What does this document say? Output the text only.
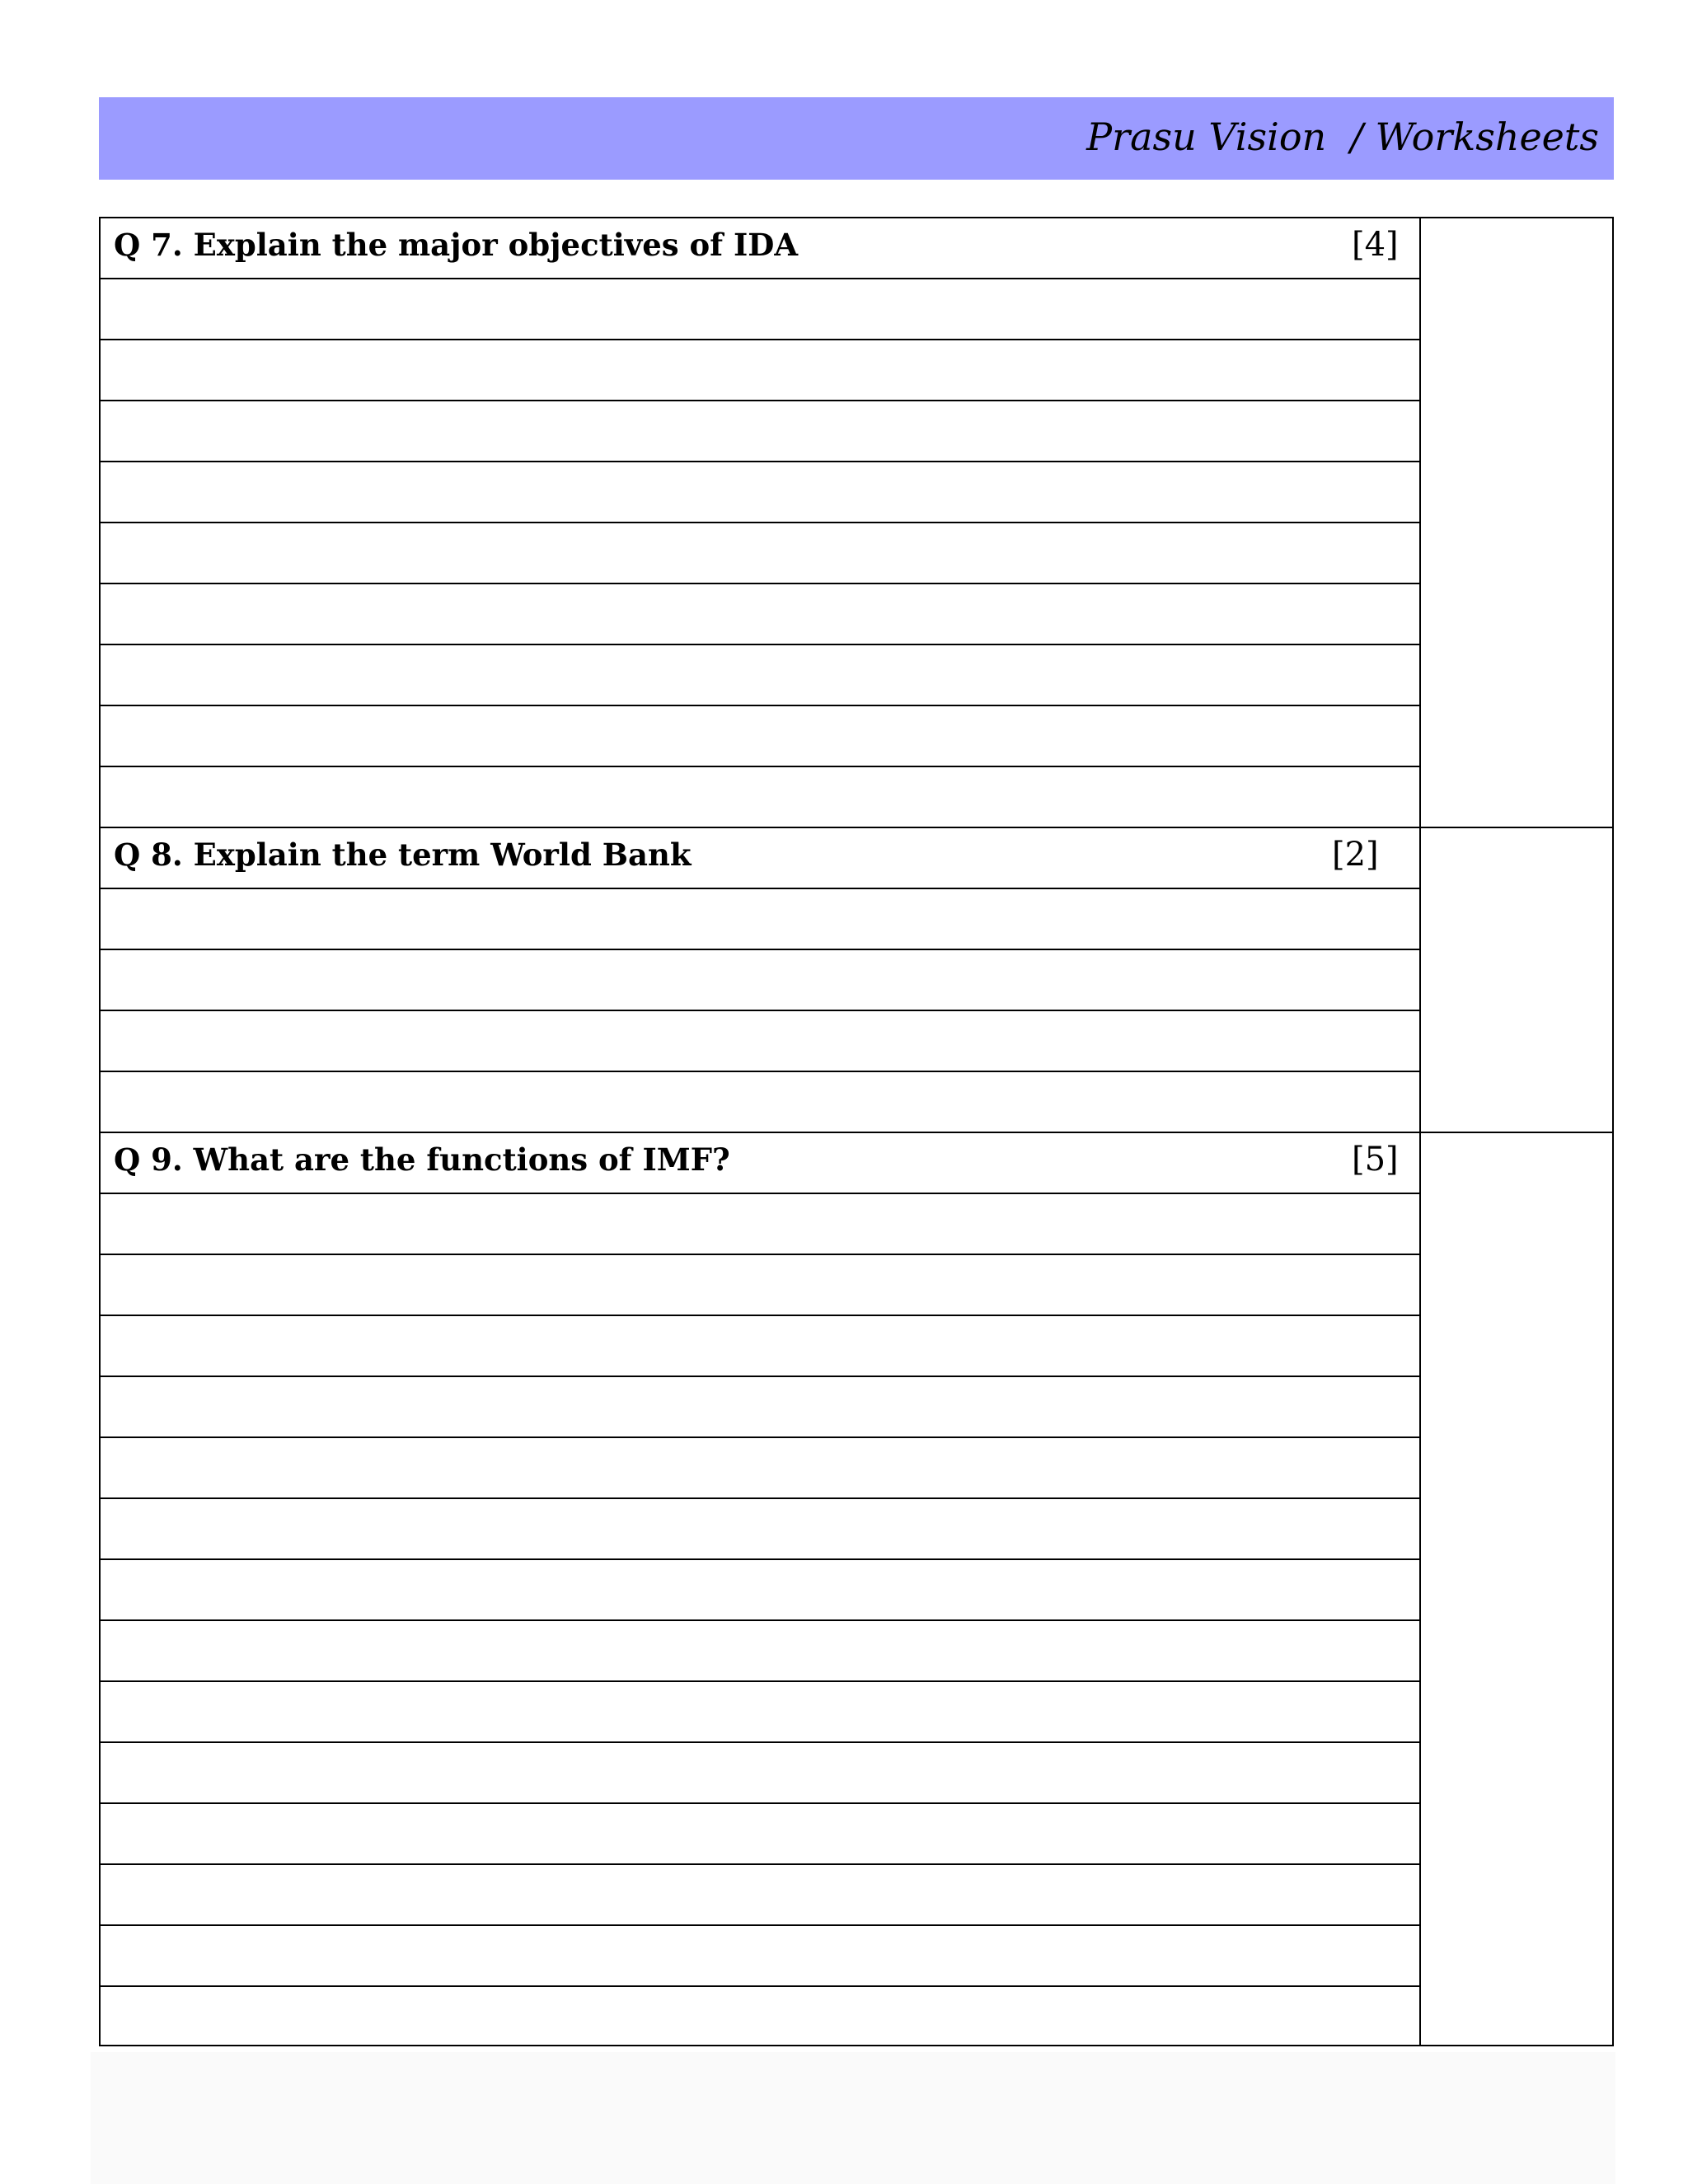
Prasu Vision  / Worksheets
Q 7. Explain the major objectives of IDA	[4]
Q 8. Explain the term World Bank	[2]
Q 9. What are the functions of IMF?	[5]
